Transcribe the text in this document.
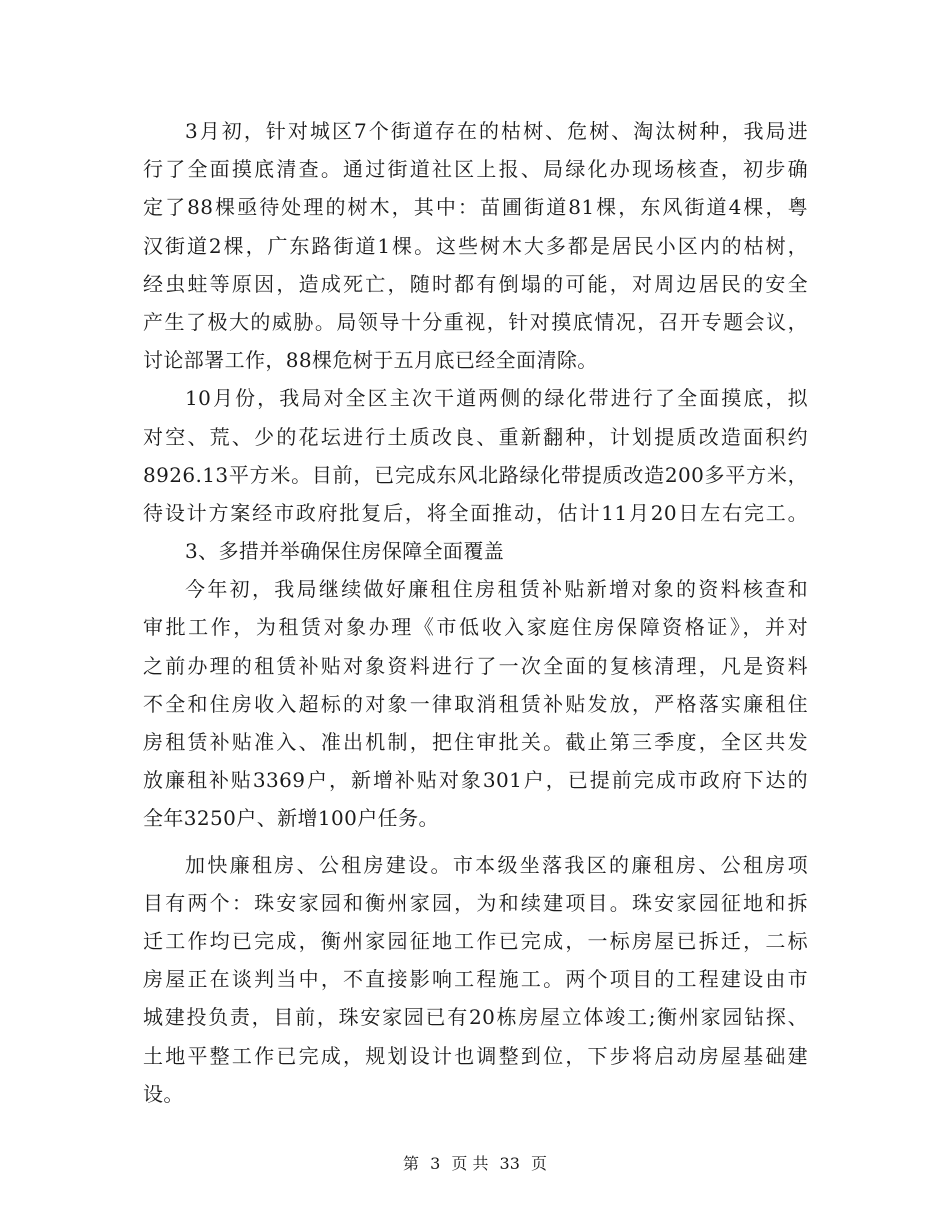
3月初，针对城区7个街道存在的枯树、危树、淘汰树种，我局进
行了全面摸底清查。通过街道社区上报、局绿化办现场核查，初步确
定了88棵亟待处理的树木，其中：苗圃街道81棵，东风街道4棵，粤
汉街道2棵，广东路街道1棵。这些树木大多都是居民小区内的枯树，
经虫蛀等原因，造成死亡，随时都有倒塌的可能，对周边居民的安全
产生了极大的威胁。局领导十分重视，针对摸底情况，召开专题会议，
讨论部署工作，88棵危树于五月底已经全面清除。
10月份，我局对全区主次干道两侧的绿化带进行了全面摸底，拟
对空、荒、少的花坛进行土质改良、重新翻种，计划提质改造面积约
8926.13平方米。目前，已完成东风北路绿化带提质改造200多平方米，
待设计方案经市政府批复后，将全面推动，估计11月20日左右完工。
3、多措并举确保住房保障全面覆盖
今年初，我局继续做好廉租住房租赁补贴新增对象的资料核查和
审批工作，为租赁对象办理《市低收入家庭住房保障资格证》，并对
之前办理的租赁补贴对象资料进行了一次全面的复核清理，凡是资料
不全和住房收入超标的对象一律取消租赁补贴发放，严格落实廉租住
房租赁补贴准入、准出机制，把住审批关。截止第三季度，全区共发
放廉租补贴3369户，新增补贴对象301户，已提前完成市政府下达的
全年3250户、新增100户任务。
加快廉租房、公租房建设。市本级坐落我区的廉租房、公租房项
目有两个：珠安家园和衡州家园，为和续建项目。珠安家园征地和拆
迁工作均已完成，衡州家园征地工作已完成，一标房屋已拆迁，二标
房屋正在谈判当中，不直接影响工程施工。两个项目的工程建设由市
城建投负责，目前，珠安家园已有20栋房屋立体竣工;衡州家园钻探、
土地平整工作已完成，规划设计也调整到位，下步将启动房屋基础建
设。
第 3 页 共 33 页
